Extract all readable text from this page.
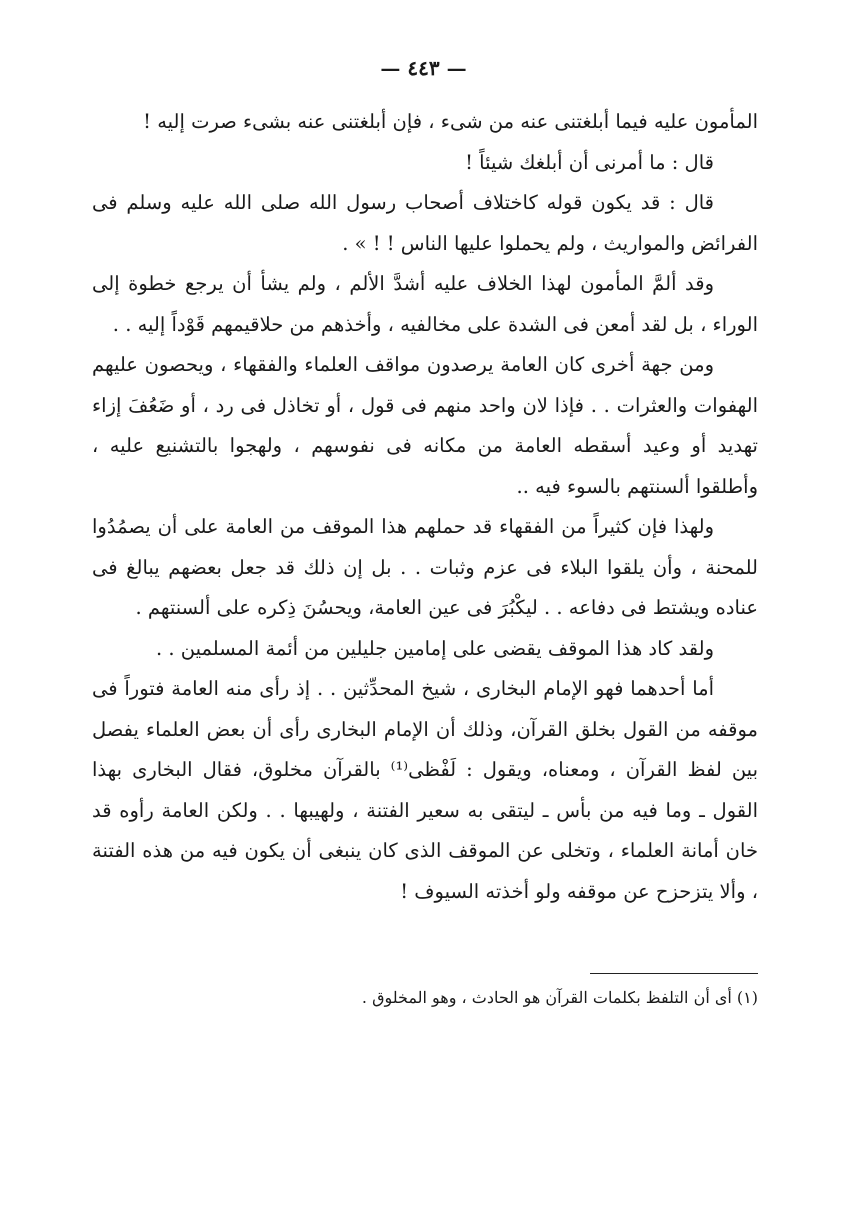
— ٤٤٣ —

المأمون عليه فيما أبلغتنى عنه من شىء ، فإن أبلغتنى عنه بشىء صرت إليه !

قال : ما أمرنى أن أبلغك شيئاً !

قال : قد يكون قوله كاختلاف أصحاب رسول الله صلى الله عليه وسلم فى الفرائض والمواريث ، ولم يحملوا عليها الناس ! ! » .

وقد ألمَّ المأمون لهذا الخلاف عليه أشدَّ الألم ، ولم يشأ أن يرجع خطوة إلى الوراء ، بل لقد أمعن فى الشدة على مخالفيه ، وأخذهم من حلاقيمهم قَوْداً إليه . .

ومن جهة أخرى كان العامة يرصدون مواقف العلماء والفقهاء ، ويحصون عليهم الهفوات والعثرات . . فإذا لان واحد منهم فى قول ، أو تخاذل فى رد ، أو ضَعُفَ إزاء تهديد أو وعيد أسقطه العامة من مكانه فى نفوسهم ، ولهجوا بالتشنيع عليه ، وأطلقوا ألسنتهم بالسوء فيه ..

ولهذا فإن كثيراً من الفقهاء قد حملهم هذا الموقف من العامة على أن يصمُدُوا للمحنة ، وأن يلقوا البلاء فى عزم وثبات . . بل إن ذلك قد جعل بعضهم يبالغ فى عناده ويشتط فى دفاعه . . ليكْبُرَ فى عين العامة، ويحسُنَ ذِكره على ألسنتهم .

ولقد كاد هذا الموقف يقضى على إمامين جليلين من أئمة المسلمين . .

أما أحدهما فهو الإمام البخارى ، شيخ المحدِّثين . . إذ رأى منه العامة فتوراً فى موقفه من القول بخلق القرآن، وذلك أن الإمام البخارى رأى أن بعض العلماء يفصل بين لفظ القرآن ، ومعناه، ويقول : لَفْظى⁽¹⁾ بالقرآن مخلوق، فقال البخارى بهذا القول ـ وما فيه من بأس ـ ليتقى به سعير الفتنة ، ولهيبها . . ولكن العامة رأوه قد خان أمانة العلماء ، وتخلى عن الموقف الذى كان ينبغى أن يكون فيه من هذه الفتنة ، وألا يتزحزح عن موقفه ولو أخذته السيوف !

(١) أى أن التلفظ بكلمات القرآن هو الحادث ، وهو المخلوق .
